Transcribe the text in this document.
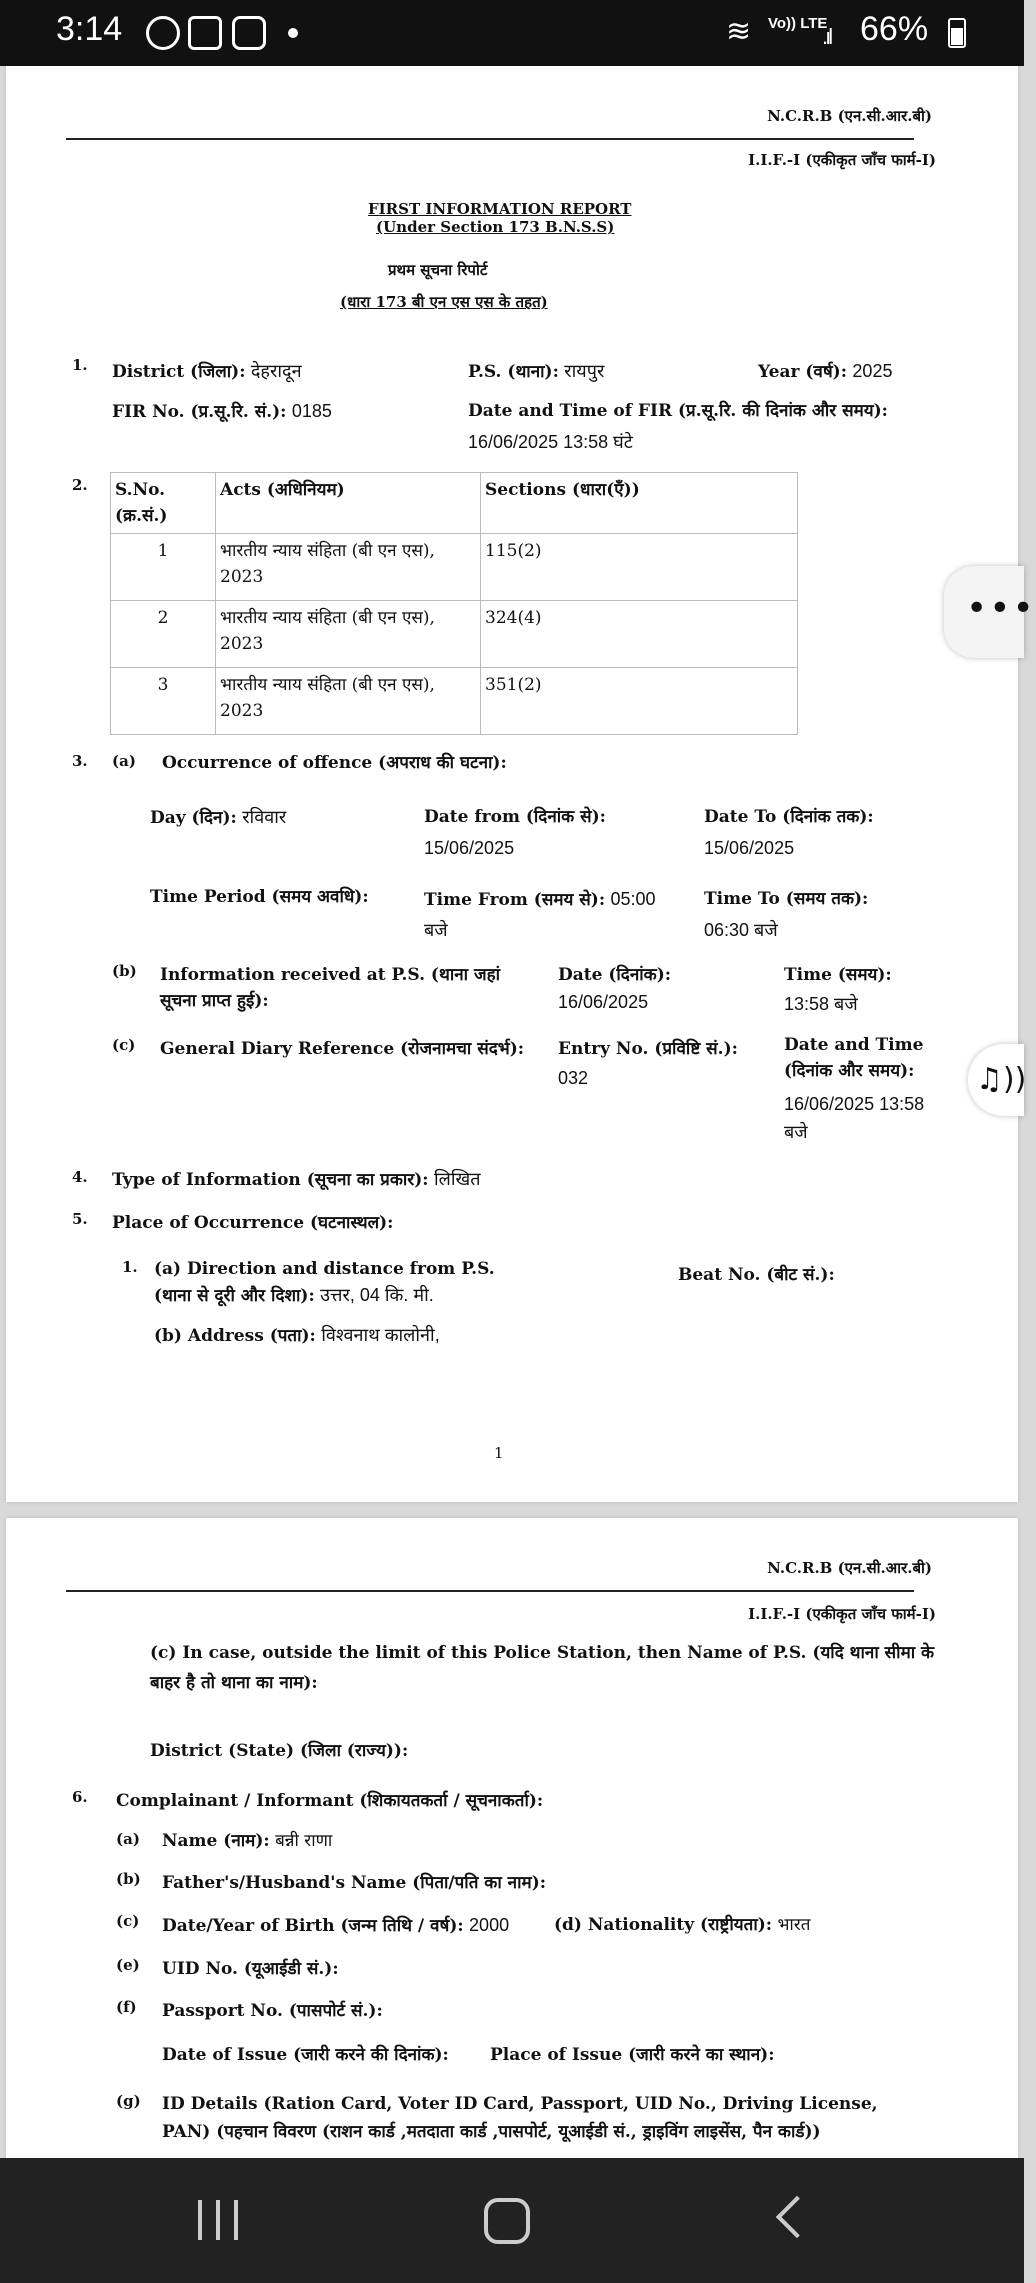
3:14	≋ Vo)) LTE
.ıl 66%
N.C.R.B (एन.सी.आर.बी)
I.I.F.-I (एकीकृत जाँच फार्म-I)
FIRST INFORMATION REPORT
(Under Section 173 B.N.S.S)
प्रथम सूचना रिपोर्ट
(धारा 173 बी एन एस एस के तहत)
1. District (जिला): देहरादून	P.S. (थाना): रायपुर	Year (वर्ष): 2025
FIR No. (प्र.सू.रि. सं.): 0185	Date and Time of FIR (प्र.सू.रि. की दिनांक और समय):
16/06/2025 13:58 घंटे
2. S.No.
(क्र.सं.)	Acts (अधिनियम)	Sections (धारा(एँ))
1	भारतीय न्याय संहिता (बी एन एस), 2023	115(2)
2	भारतीय न्याय संहिता (बी एन एस), 2023	324(4)
3	भारतीय न्याय संहिता (बी एन एस), 2023	351(2)
3. (a) Occurrence of offence (अपराध की घटना):
Day (दिन): रविवार	Date from (दिनांक से):
15/06/2025
Date To (दिनांक तक):
15/06/2025
Time Period (समय अवधि):	Time From (समय से): 05:00
बजे
Time To (समय तक):
06:30 बजे
(b) Information received at P.S. (थाना जहां सूचना प्राप्त हुई):
Date (दिनांक):
16/06/2025
Time (समय):
13:58 बजे
(c) General Diary Reference (रोजनामचा संदर्भ): Entry No. (प्रविष्टि सं.):
032
Date and Time (दिनांक और समय):
16/06/2025 13:58 बजे
4. Type of Information (सूचना का प्रकार): लिखित
5. Place of Occurrence (घटनास्थल):
1. (a) Direction and distance from P.S.
(थाना से दूरी और दिशा): उत्तर, 04 कि. मी.
Beat No. (बीट सं.):
(b) Address (पता): विश्वनाथ कालोनी,
1
N.C.R.B (एन.सी.आर.बी)
I.I.F.-I (एकीकृत जाँच फार्म-I)
(c) In case, outside the limit of this Police Station, then Name of P.S. (यदि थाना सीमा के बाहर है तो थाना का नाम):
District (State) (जिला (राज्य)):
6. Complainant / Informant (शिकायतकर्ता / सूचनाकर्ता):
(a) Name (नाम): बन्नी राणा
(b) Father's/Husband's Name (पिता/पति का नाम):
(c) Date/Year of Birth (जन्म तिथि / वर्ष): 2000	(d) Nationality (राष्ट्रीयता): भारत
(e) UID No. (यूआईडी सं.):
(f) Passport No. (पासपोर्ट सं.):
Date of Issue (जारी करने की दिनांक): Place of Issue (जारी करने का स्थान):
(g) ID Details (Ration Card, Voter ID Card, Passport, UID No., Driving License, PAN) (पहचान विवरण (राशन कार्ड ,मतदाता कार्ड ,पासपोर्ट, यूआईडी सं., ड्राइविंग लाइसेंस, पैन कार्ड))
•••
♫))
